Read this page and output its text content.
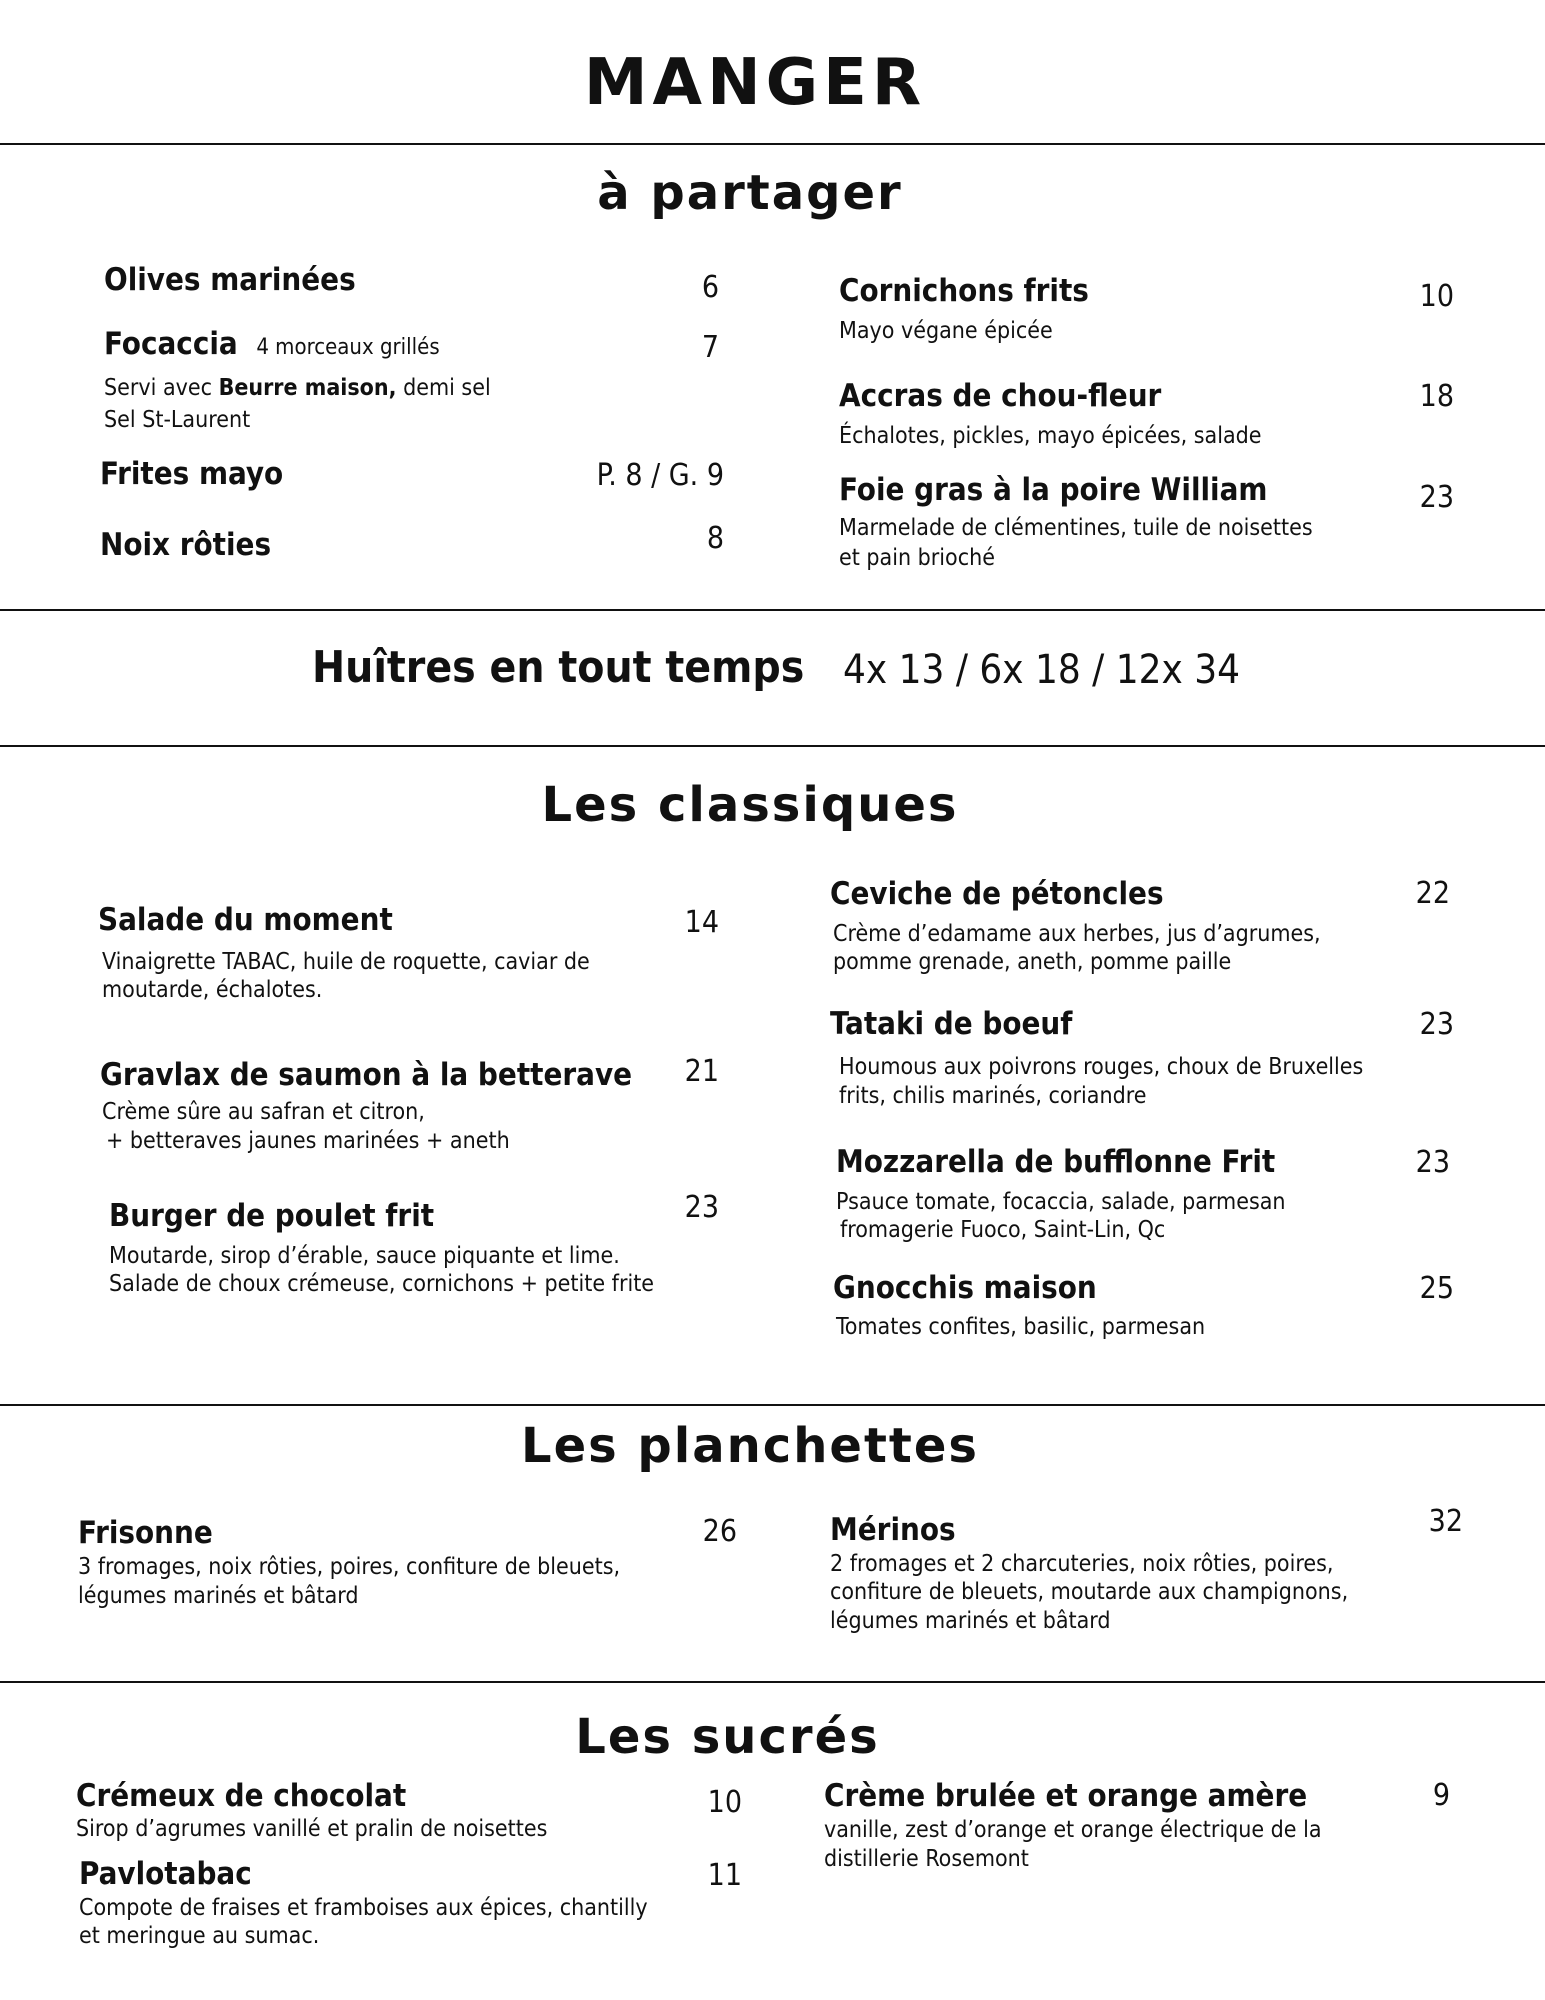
MANGER
à partager
Olives marinées	6
Focaccia 4 morceaux grillés	7
Servi avec Beurre maison, demi sel
Sel St-Laurent
Frites mayo	P. 8 / G. 9
Noix rôties	8
Cornichons frits	10
Mayo végane épicée
Accras de chou-fleur	18
Échalotes, pickles, mayo épicées, salade
Foie gras à la poire William	23
Marmelade de clémentines, tuile de noisettes
et pain brioché
Huîtres en tout temps 4x 13 / 6x 18 / 12x 34
Les classiques
Salade du moment	14
Vinaigrette TABAC, huile de roquette, caviar de
moutarde, échalotes.
Gravlax de saumon à la betterave	21
Crème sûre au safran et citron,
+ betteraves jaunes marinées + aneth
Burger de poulet frit	23
Moutarde, sirop d’érable, sauce piquante et lime.
Salade de choux crémeuse, cornichons + petite frite
Ceviche de pétoncles	22
Crème d’edamame aux herbes, jus d’agrumes,
pomme grenade, aneth, pomme paille
Tataki de boeuf	23
Houmous aux poivrons rouges, choux de Bruxelles
frits, chilis marinés, coriandre
Mozzarella de bufflonne Frit	23
Psauce tomate, focaccia, salade, parmesan
fromagerie Fuoco, Saint-Lin, Qc
Gnocchis maison	25
Tomates confites, basilic, parmesan
Les planchettes
Frisonne	26
3 fromages, noix rôties, poires, confiture de bleuets,
légumes marinés et bâtard
Mérinos	32
2 fromages et 2 charcuteries, noix rôties, poires,
confiture de bleuets, moutarde aux champignons,
légumes marinés et bâtard
Les sucrés
Crémeux de chocolat	10
Sirop d’agrumes vanillé et pralin de noisettes
Pavlotabac	11
Compote de fraises et framboises aux épices, chantilly
et meringue au sumac.
Crème brulée et orange amère	9
vanille, zest d’orange et orange électrique de la
distillerie Rosemont
